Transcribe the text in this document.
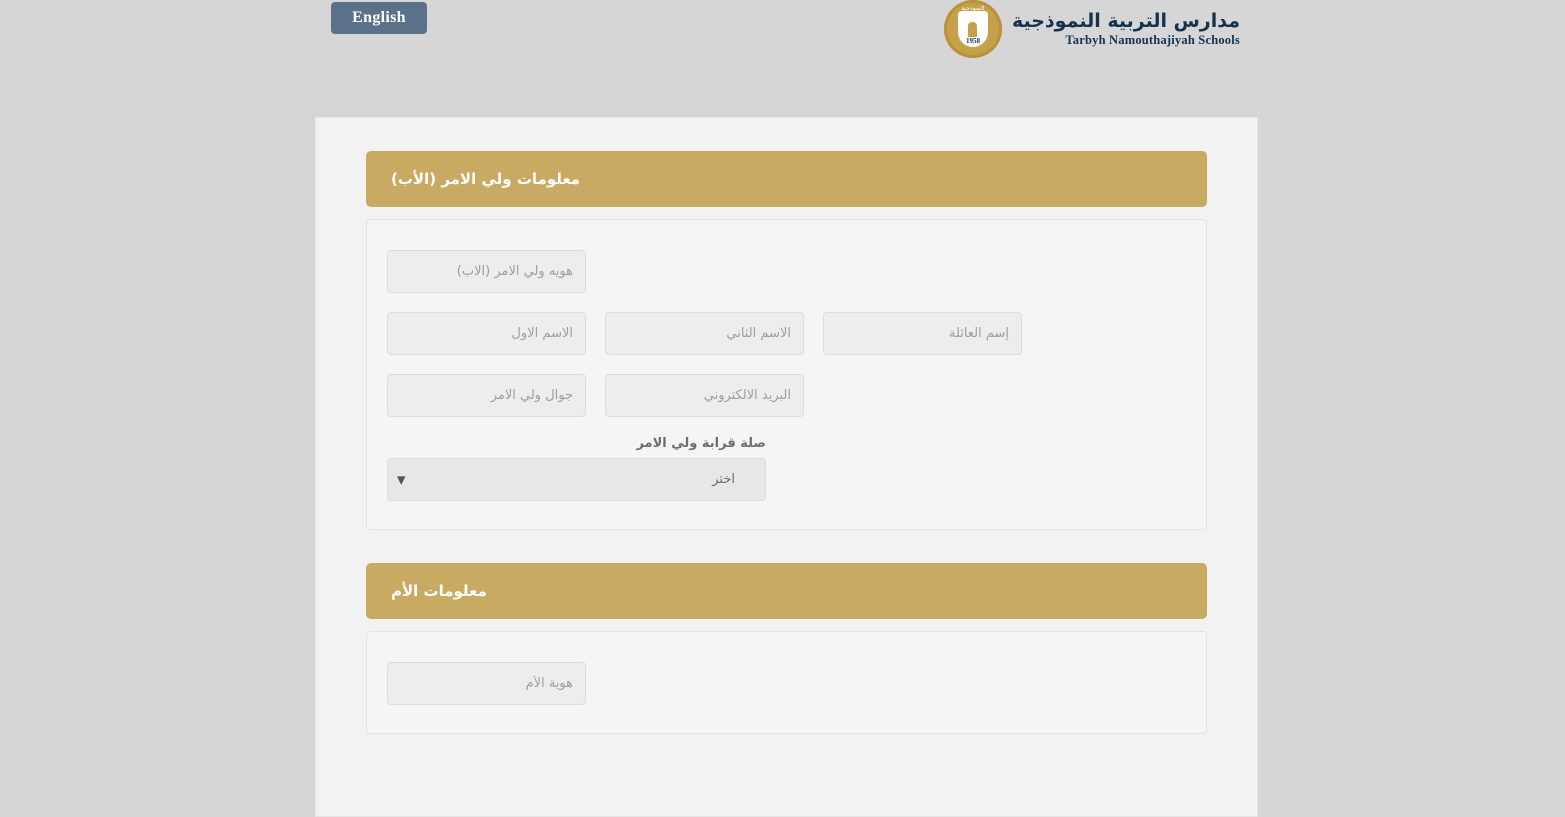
English	مدارس التربية النموذجية
Tarbyh Namouthajiyah Schools
النموذجية
1958
معلومات ولي الامر (الأب)
هويه ولي الامر (الاب)
الاسم الاول
الاسم الثاني
إسم العائلة
جوال ولي الامر
البريد الالكتروني
صلة قرابة ولي الامر
اختر
▼
معلومات الأم
هوية الأم
